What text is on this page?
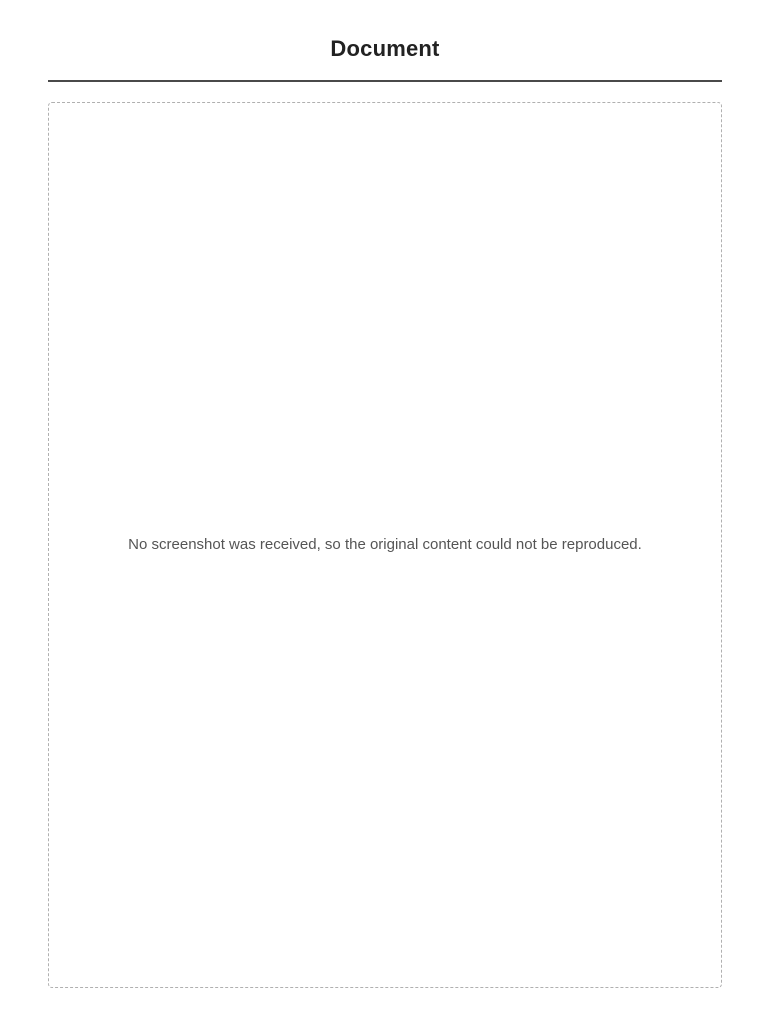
Document
No screenshot was received, so the original content could not be reproduced.
